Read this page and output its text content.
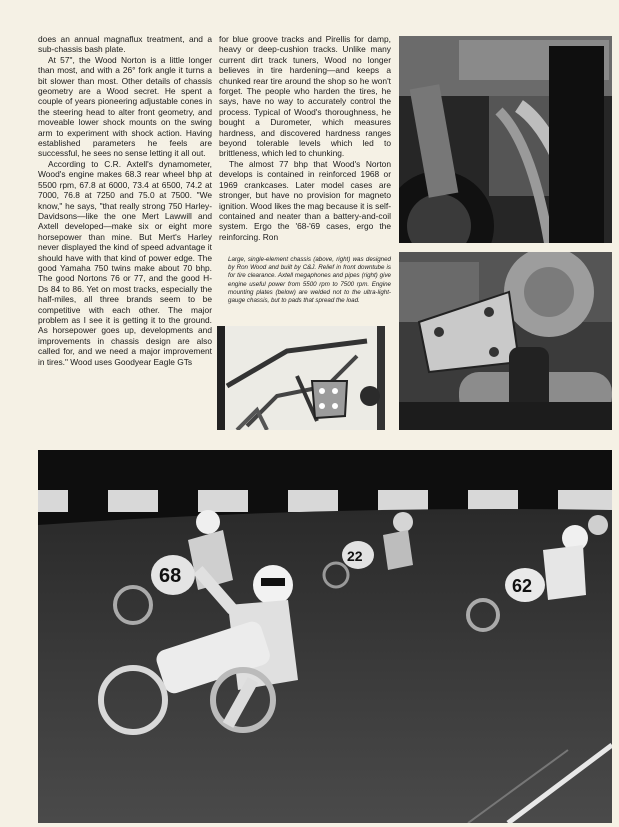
does an annual magnaflux treatment, and a sub-chassis bash plate.

At 57", the Wood Norton is a little longer than most, and with a 26° fork angle it turns a bit slower than most. Other details of chassis geometry are a Wood secret. He spent a couple of years pioneering adjustable cones in the steering head to alter front geometry, and moveable lower shock mounts on the swing arm to experiment with shock action. Having established parameters he feels are successful, he sees no sense letting it all out.

According to C.R. Axtell's dynamometer, Wood's engine makes 68.3 rear wheel bhp at 5500 rpm, 67.8 at 6000, 73.4 at 6500, 74.2 at 7000, 76.8 at 7250 and 75.0 at 7500. "We know," he says, "that really strong 750 Harley-Davidsons—like the one Mert Lawwill and Axtell developed—make six or eight more horsepower than mine. But Mert's Harley never displayed the kind of speed advantage it should have with that kind of power edge. The good Yamaha 750 twins make about 70 bhp. The good Nortons 76 or 77, and the good H-Ds 84 to 86. Yet on most tracks, especially the half-miles, all three brands seem to be competitive with each other. The major problem as I see it is getting it to the ground. As horsepower goes up, developments and improvements in chassis design are also called for, and we need a major improvement in tires." Wood uses Goodyear Eagle GTs

for blue groove tracks and Pirellis for damp, heavy or deep-cushion tracks. Unlike many current dirt track tuners, Wood no longer believes in tire hardening—and keeps a chunked rear tire around the shop so he won't forget. The people who harden the tires, he says, have no way to accurately control the process. Typical of Wood's thoroughness, he bought a Durometer, which measures hardness, and discovered hardness ranges beyond tolerable levels which led to brittleness, which led to chunking.

The almost 77 bhp that Wood's Norton develops is contained in reinforced 1968 or 1969 crankcases. Later model cases are stronger, but have no provision for magneto ignition. Wood likes the mag because it is self-contained and neater than a battery-and-coil system. Ergo the '68-'69 cases, ergo the reinforcing. Ron

Large, single-element chassis (above, right) was designed by Ron Wood and built by C&J. Relief in front downtube is for tire clearance. Axtell megaphones and pipes (right) give engine useful power from 5500 rpm to 7500 rpm. Engine mounting plates (below) are welded not to the ultra-light-gauge chassis, but to pads that spread the load.
68
22
62
